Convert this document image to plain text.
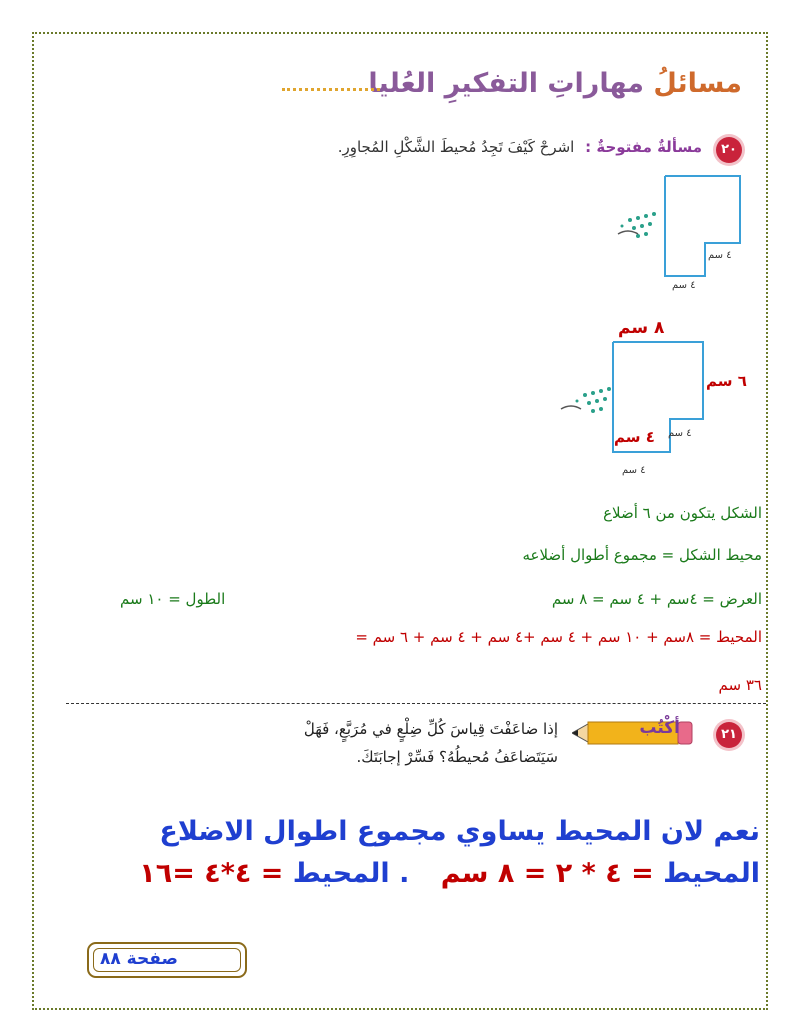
مسائلُ مهاراتِ التفكيرِ العُليا
٢٠
مسألةٌ مفتوحةٌ : اشرحْ كَيْفَ تَجِدُ مُحيطَ الشَّكْلِ المُجاوِرِ.
٤ سم
٤ سم
٨ سم
٦ سم
٤ سم ٤ سم
٤ سم
الشكل يتكون من ٦ أضلاع
محيط الشكل = مجموع أطوال أضلاعه
العرض = ٤سم + ٤ سم = ٨ سم
الطول = ١٠ سم
المحيط = ٨سم + ١٠ سم + ٤ سم +٤ سم + ٤ سم + ٦ سم =
٣٦ سم
٢١
أكْتُب
إذا ضاعَفْتَ قِياسَ كُلِّ ضِلْعٍ في مُرَبَّعٍ، فَهَلْ
سَيَتَضاعَفُ مُحيطُهُ؟ فَسِّرْ إجابَتَكَ.
نعم لان المحيط يساوي مجموع اطوال الاضلاع
المحيط = ٤ * ٢ = ٨ سم . المحيط = ٤*٤ =١٦
صفحة ٨٨
